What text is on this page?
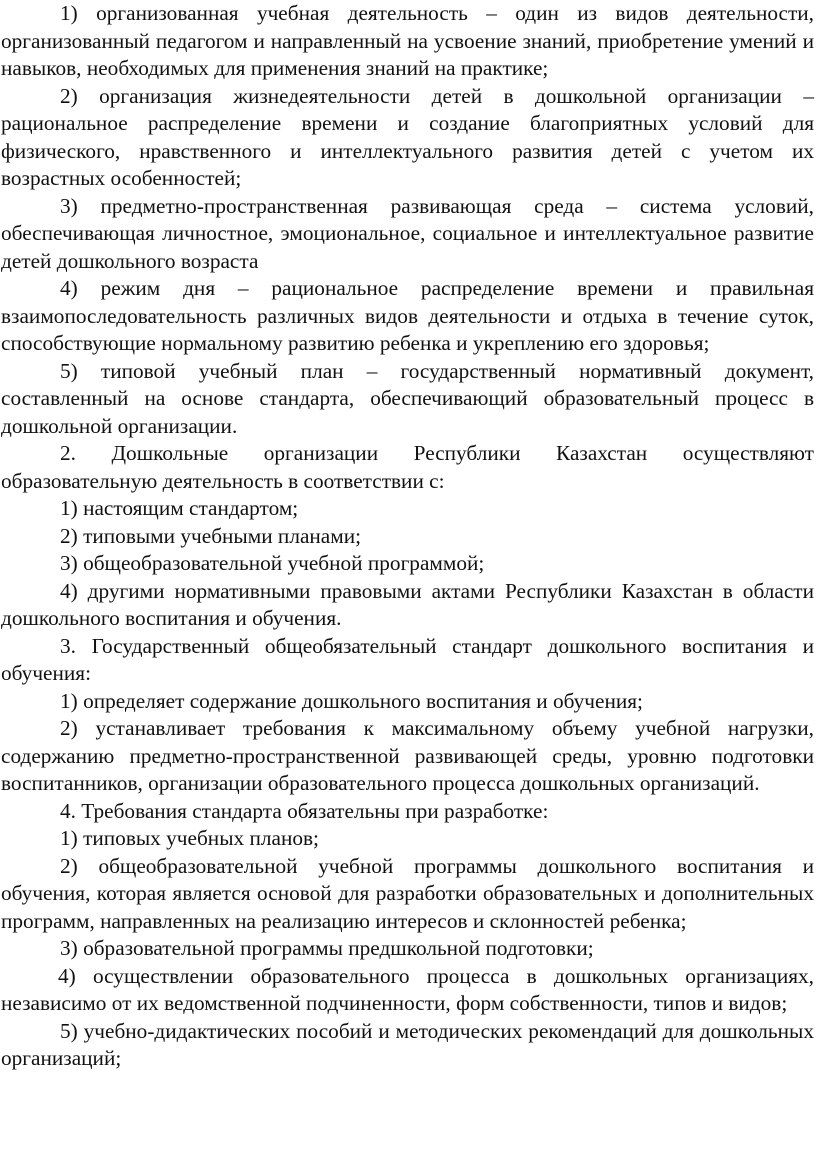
1) организованная учебная деятельность – один из видов деятельности, организованный педагогом и направленный на усвоение знаний, приобретение умений и навыков, необходимых для применения знаний на практике;

2) организация жизнедеятельности детей в дошкольной организации – рациональное распределение времени и создание благоприятных условий для физического, нравственного и интеллектуального развития детей с учетом их возрастных особенностей;

3) предметно-пространственная развивающая среда – система условий, обеспечивающая личностное, эмоциональное, социальное и интеллектуальное развитие детей дошкольного возраста

4) режим дня – рациональное распределение времени и правильная взаимопоследовательность различных видов деятельности и отдыха в течение суток, способствующие нормальному развитию ребенка и укреплению его здоровья;

5) типовой учебный план – государственный нормативный документ, составленный на основе стандарта, обеспечивающий образовательный процесс в дошкольной организации.

2. Дошкольные организации Республики Казахстан осуществляют образовательную деятельность в соответствии с:

1) настоящим стандартом;

2) типовыми учебными планами;

3) общеобразовательной учебной программой;

4) другими нормативными правовыми актами Республики Казахстан в области дошкольного воспитания и обучения.

3. Государственный общеобязательный стандарт дошкольного воспитания и обучения:

1) определяет содержание дошкольного воспитания и обучения;

2) устанавливает требования к максимальному объему учебной нагрузки, содержанию предметно-пространственной развивающей среды, уровню подготовки воспитанников, организации образовательного процесса дошкольных организаций.

4. Требования стандарта обязательны при разработке:

1) типовых учебных планов;

2) общеобразовательной учебной программы дошкольного воспитания и обучения, которая является основой для разработки образовательных и дополнительных программ, направленных на реализацию интересов и склонностей ребенка;

3) образовательной программы предшкольной подготовки;

4) осуществлении образовательного процесса в дошкольных организациях, независимо от их ведомственной подчиненности, форм собственности, типов и видов;

5) учебно-дидактических пособий и методических рекомендаций для дошкольных организаций;
